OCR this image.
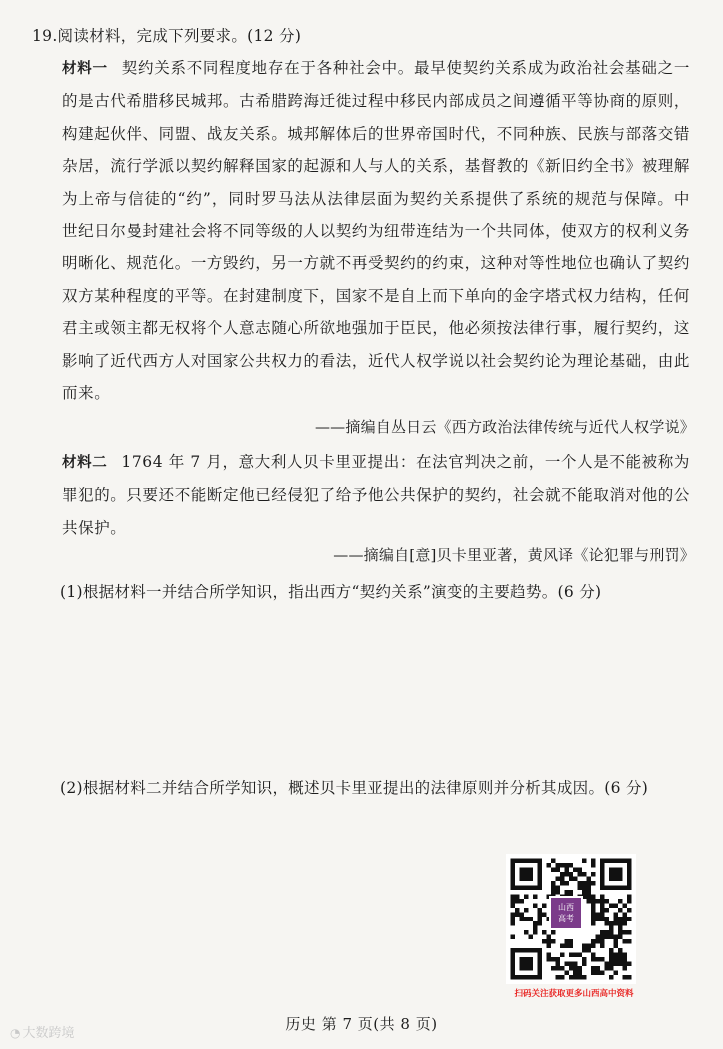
19.阅读材料，完成下列要求。(12 分)
材料一 契约关系不同程度地存在于各种社会中。最早使契约关系成为政治社会基础之一的是古代希腊移民城邦。古希腊跨海迁徙过程中移民内部成员之间遵循平等协商的原则，构建起伙伴、同盟、战友关系。城邦解体后的世界帝国时代，不同种族、民族与部落交错杂居，流行学派以契约解释国家的起源和人与人的关系，基督教的《新旧约全书》被理解为上帝与信徒的“约”，同时罗马法从法律层面为契约关系提供了系统的规范与保障。中世纪日尔曼封建社会将不同等级的人以契约为纽带连结为一个共同体，使双方的权利义务明晰化、规范化。一方毁约，另一方就不再受契约的约束，这种对等性地位也确认了契约双方某种程度的平等。在封建制度下，国家不是自上而下单向的金字塔式权力结构，任何君主或领主都无权将个人意志随心所欲地强加于臣民，他必须按法律行事，履行契约，这影响了近代西方人对国家公共权力的看法，近代人权学说以社会契约论为理论基础，由此而来。
——摘编自丛日云《西方政治法律传统与近代人权学说》
材料二 1764 年 7 月，意大利人贝卡里亚提出：在法官判决之前，一个人是不能被称为罪犯的。只要还不能断定他已经侵犯了给予他公共保护的契约，社会就不能取消对他的公共保护。
——摘编自[意]贝卡里亚著，黄风译《论犯罪与刑罚》
(1)根据材料一并结合所学知识，指出西方“契约关系”演变的主要趋势。(6 分)
(2)根据材料二并结合所学知识，概述贝卡里亚提出的法律原则并分析其成因。(6 分)
山西
高考
扫码关注获取更多山西高中资料
历史 第 7 页(共 8 页)
◔ 大数跨境
